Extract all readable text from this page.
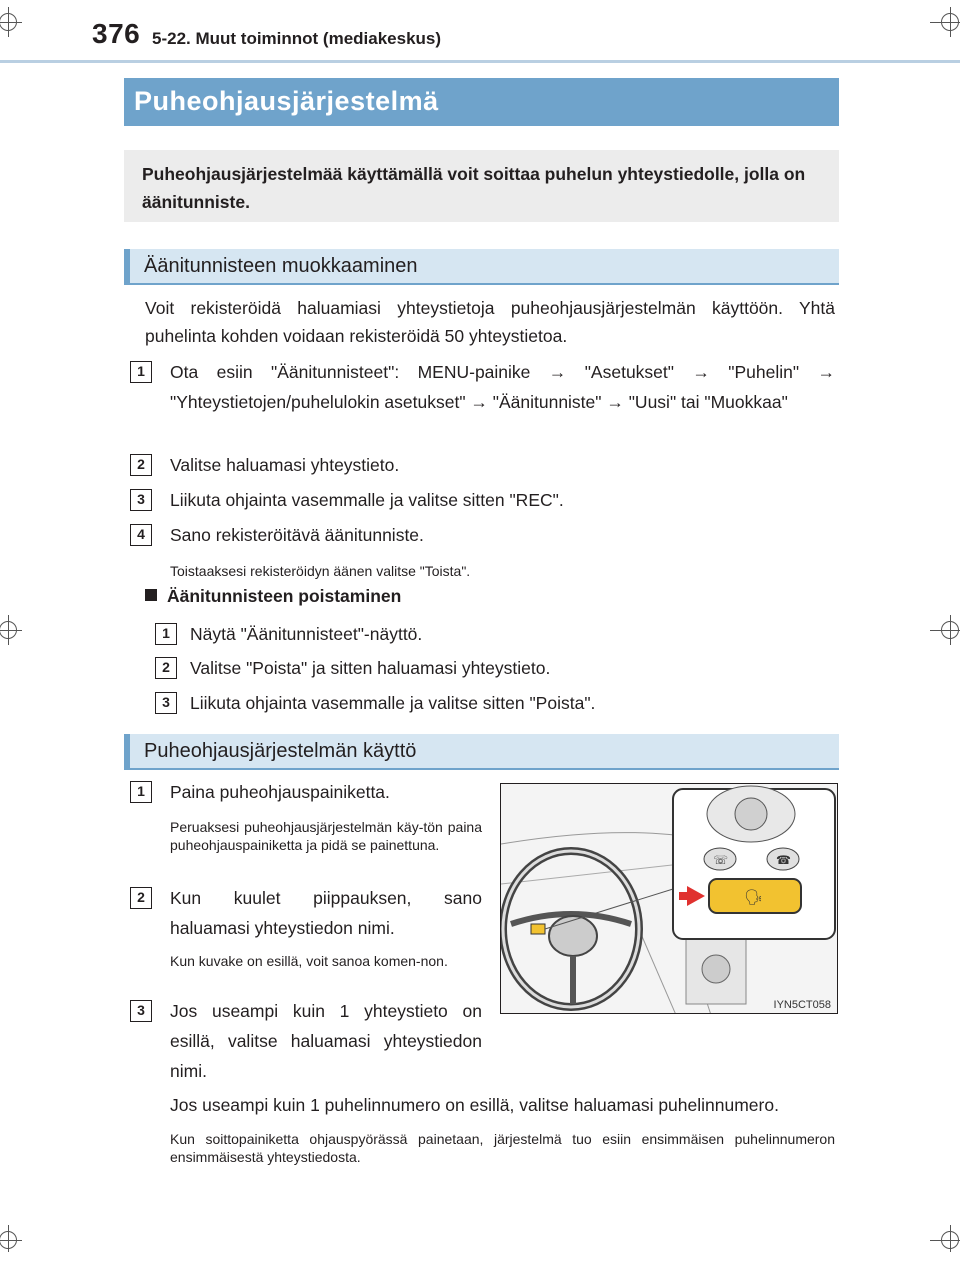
376 5-22. Muut toiminnot (mediakeskus)
Puheohjausjärjestelmä
Puheohjausjärjestelmää käyttämällä voit soittaa puhelun yhteystiedolle, jolla on äänitunniste.
Äänitunnisteen muokkaaminen
Voit rekisteröidä haluamiasi yhteystietoja puheohjausjärjestelmän käyttöön. Yhtä puhelinta kohden voidaan rekisteröidä 50 yhteystietoa.
1	Ota esiin "Äänitunnisteet": MENU-painike → "Asetukset" → "Puhelin" → "Yhteystietojen/puhelulokin asetukset" → "Äänitunniste" → "Uusi" tai "Muokkaa"
2	Valitse haluamasi yhteystieto.
3	Liikuta ohjainta vasemmalle ja valitse sitten "REC".
4	Sano rekisteröitävä äänitunniste.
Toistaaksesi rekisteröidyn äänen valitse "Toista".
Äänitunnisteen poistaminen
1	Näytä "Äänitunnisteet"-näyttö.
2	Valitse "Poista" ja sitten haluamasi yhteystieto.
3	Liikuta ohjainta vasemmalle ja valitse sitten "Poista".
Puheohjausjärjestelmän käyttö
1	Paina puheohjauspainiketta.
Peruaksesi puheohjausjärjestelmän käy-tön paina puheohjauspainiketta ja pidä se painettuna.
2	Kun kuulet piippauksen, sano haluamasi yhteystiedon nimi.
Kun kuvake on esillä, voit sanoa komen-non.
3	Jos useampi kuin 1 yhteystieto on esillä, valitse haluamasi yhteystiedon nimi.
Jos useampi kuin 1 puhelinnumero on esillä, valitse haluamasi puhelinnumero.
Kun soittopainiketta ohjauspyörässä painetaan, järjestelmä tuo esiin ensimmäisen puhelinnumeron ensimmäisestä yhteystiedosta.
☏	☎
🗣
IYN5CT058
